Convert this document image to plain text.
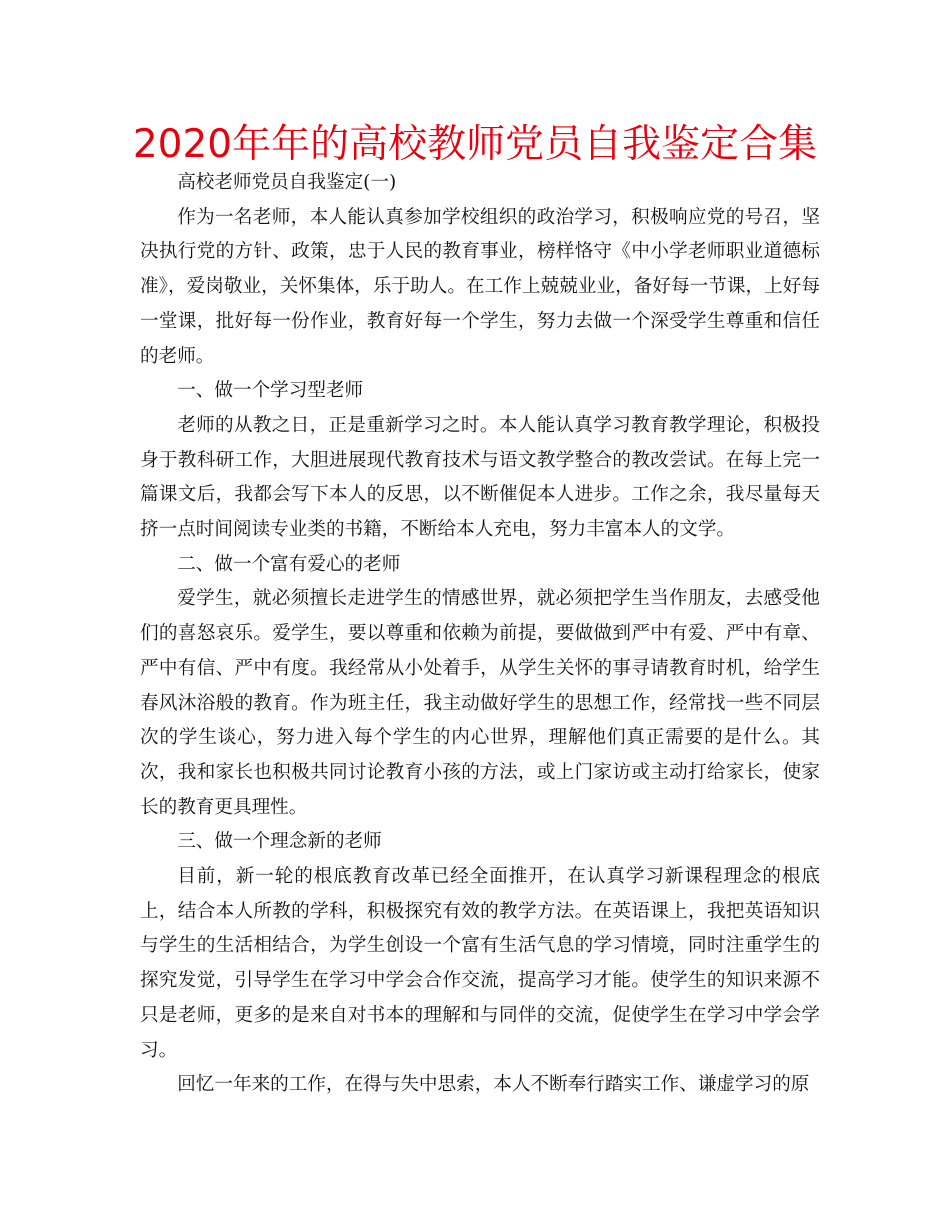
2020年年的高校教师党员自我鉴定合集

高校老师党员自我鉴定(一)

作为一名老师，本人能认真参加学校组织的政治学习，积极响应党的号召，坚决执行党的方针、政策，忠于人民的教育事业，榜样恪守《中小学老师职业道德标准》，爱岗敬业，关怀集体，乐于助人。在工作上兢兢业业，备好每一节课，上好每一堂课，批好每一份作业，教育好每一个学生，努力去做一个深受学生尊重和信任的老师。

一、做一个学习型老师

老师的从教之日，正是重新学习之时。本人能认真学习教育教学理论，积极投身于教科研工作，大胆进展现代教育技术与语文教学整合的教改尝试。在每上完一篇课文后，我都会写下本人的反思，以不断催促本人进步。工作之余，我尽量每天挤一点时间阅读专业类的书籍，不断给本人充电，努力丰富本人的文学。

二、做一个富有爱心的老师

爱学生，就必须擅长走进学生的情感世界，就必须把学生当作朋友，去感受他们的喜怒哀乐。爱学生，要以尊重和依赖为前提，要做做到严中有爱、严中有章、严中有信、严中有度。我经常从小处着手，从学生关怀的事寻请教育时机，给学生春风沐浴般的教育。作为班主任，我主动做好学生的思想工作，经常找一些不同层次的学生谈心，努力进入每个学生的内心世界，理解他们真正需要的是什么。其次，我和家长也积极共同讨论教育小孩的方法，或上门家访或主动打给家长，使家长的教育更具理性。

三、做一个理念新的老师

目前，新一轮的根底教育改革已经全面推开，在认真学习新课程理念的根底上，结合本人所教的学科，积极探究有效的教学方法。在英语课上，我把英语知识与学生的生活相结合，为学生创设一个富有生活气息的学习情境，同时注重学生的探究发觉，引导学生在学习中学会合作交流，提高学习才能。使学生的知识来源不只是老师，更多的是来自对书本的理解和与同伴的交流，促使学生在学习中学会学习。

回忆一年来的工作，在得与失中思索，本人不断奉行踏实工作、谦虚学习的原
